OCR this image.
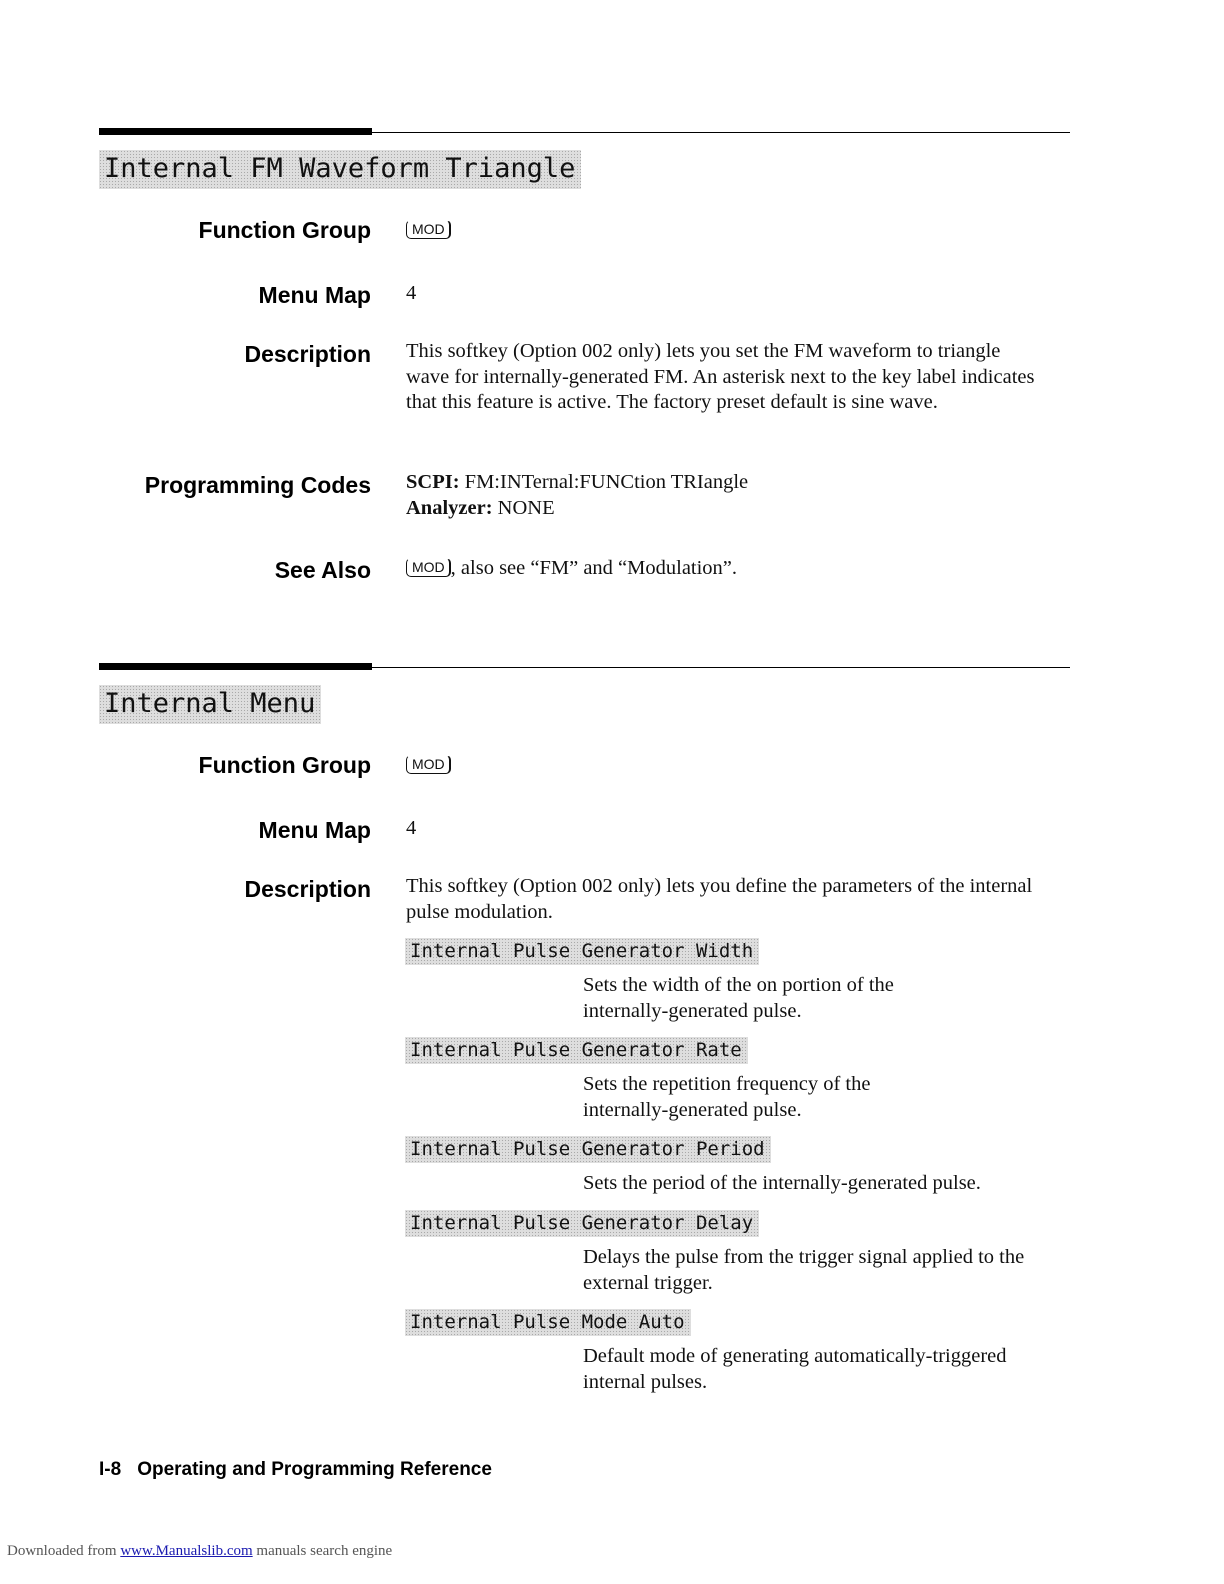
Internal FM Waveform Triangle
Function Group	MOD
Menu Map 4
Description This softkey (Option 002 only) lets you set the FM waveform to triangle wave for internally-generated FM. An asterisk next to the key label indicates that this feature is active. The factory preset default is sine wave.
Programming Codes SCPI: FM:INTernal:FUNCtion TRIangle
Analyzer: NONE
See Also	MOD , also see “FM” and “Modulation”.
Internal Menu
Function Group	MOD
Menu Map 4
Description This softkey (Option 002 only) lets you define the parameters of the internal pulse modulation.
Internal Pulse Generator Width
Sets the width of the on portion of the internally-generated pulse.
Internal Pulse Generator Rate
Sets the repetition frequency of the internally-generated pulse.
Internal Pulse Generator Period
Sets the period of the internally-generated pulse.
Internal Pulse Generator Delay
Delays the pulse from the trigger signal applied to the external trigger.
Internal Pulse Mode Auto
Default mode of generating automatically-triggered internal pulses.
I-8 Operating and Programming Reference
Downloaded from www.Manualslib.com manuals search engine
